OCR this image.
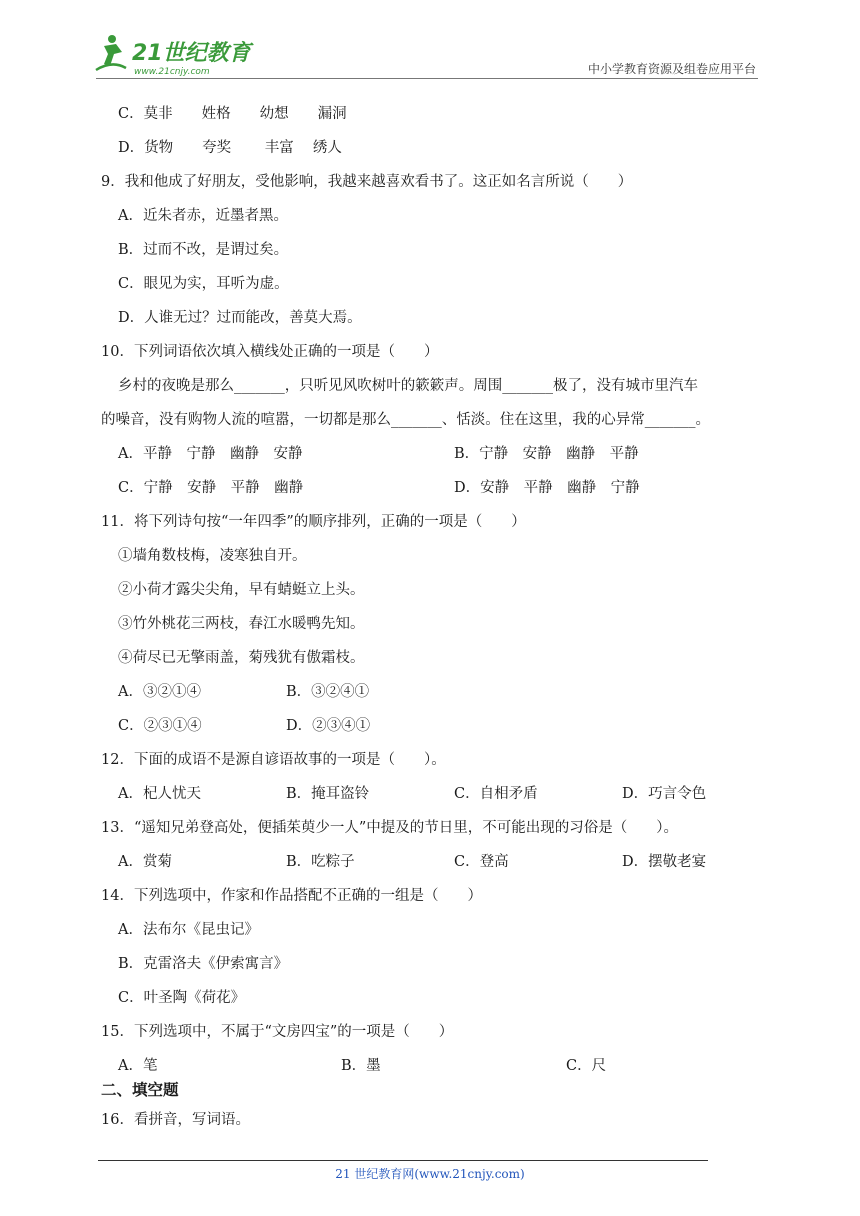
21世纪教育
www.21cnjy.com	中小学教育资源及组卷应用平台
C．莫非　　姓格　　幼想　　漏洞
D．货物　　夸奖　　 丰富　 绣人
9．我和他成了好朋友，受他影响，我越来越喜欢看书了。这正如名言所说（　　）
A．近朱者赤，近墨者黑。
B．过而不改，是谓过矣。
C．眼见为实，耳听为虚。
D．人谁无过？过而能改，善莫大焉。
10．下列词语依次填入横线处正确的一项是（　　）
乡村的夜晚是那么_______，只听见风吹树叶的簌簌声。周围_______极了，没有城市里汽车
的噪音，没有购物人流的喧嚣，一切都是那么_______、恬淡。住在这里，我的心异常_______。
A．平静　宁静　幽静　安静	B．宁静　安静　幽静　平静
C．宁静　安静　平静　幽静	D．安静　平静　幽静　宁静
11．将下列诗句按“一年四季”的顺序排列，正确的一项是（　　）
①墙角数枝梅，凌寒独自开。
②小荷才露尖尖角，早有蜻蜓立上头。
③竹外桃花三两枝，春江水暖鸭先知。
④荷尽已无擎雨盖，菊残犹有傲霜枝。
A．③②①④	B．③②④①
C．②③①④	D．②③④①
12．下面的成语不是源自谚语故事的一项是（　　）。
A．杞人忧天	B．掩耳盗铃	C．自相矛盾	D．巧言令色
13．“遥知兄弟登高处，便插茱萸少一人”中提及的节日里，不可能出现的习俗是（　　）。
A．赏菊	B．吃粽子	C．登高	D．摆敬老宴
14．下列选项中，作家和作品搭配不正确的一组是（　　）
A．法布尔《昆虫记》
B．克雷洛夫《伊索寓言》
C．叶圣陶《荷花》
15．下列选项中，不属于“文房四宝”的一项是（　　）
A．笔	B．墨	C．尺
二、填空题
16．看拼音，写词语。
21 世纪教育网(www.21cnjy.com)
